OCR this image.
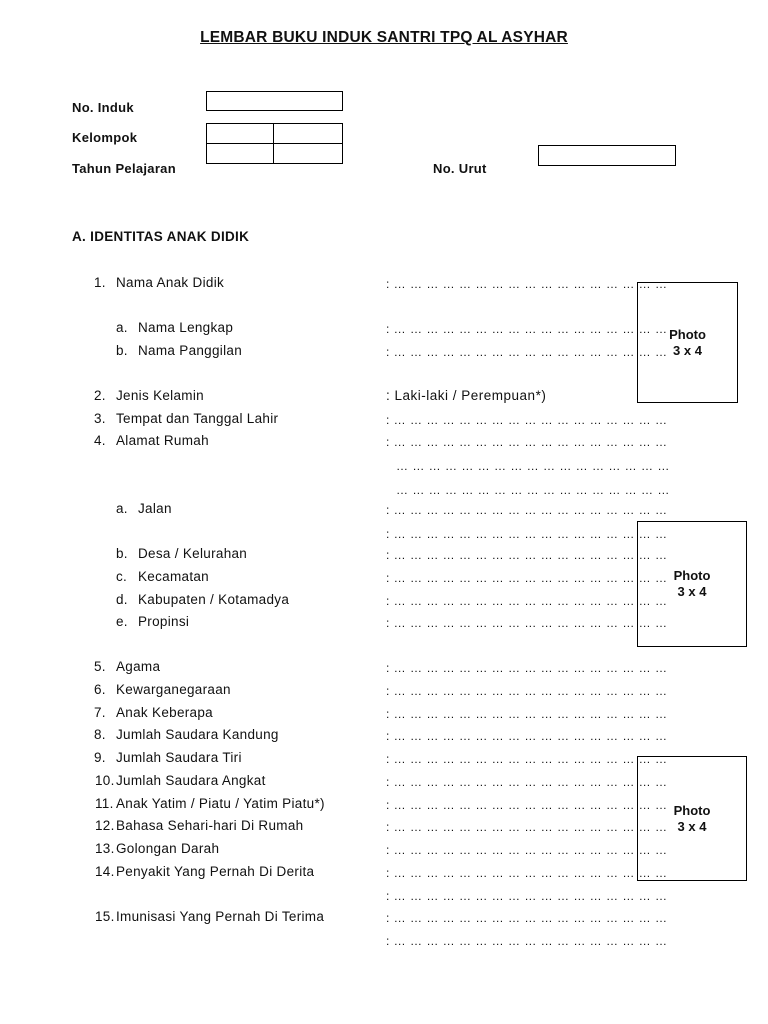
LEMBAR BUKU INDUK SANTRI TPQ AL ASYHAR
No. Induk
Kelompok
Tahun Pelajaran	No. Urut
A. IDENTITAS ANAK DIDIK
1. Nama Anak Didik	: … … … … … … … … … … … … … … … … …
a. Nama Lengkap	: … … … … … … … … … … … … … … … … …
b. Nama Panggilan	: … … … … … … … … … … … … … … … … …
2. Jenis Kelamin	: Laki-laki / Perempuan*)
3. Tempat dan Tanggal Lahir	: … … … … … … … … … … … … … … … … …
4. Alamat Rumah	: … … … … … … … … … … … … … … … … …
… … … … … … … … … … … … … … … … …
… … … … … … … … … … … … … … … … …
a. Jalan	: … … … … … … … … … … … … … … … … …
: … … … … … … … … … … … … … … … … …
b. Desa / Kelurahan	: … … … … … … … … … … … … … … … … …
c. Kecamatan	: … … … … … … … … … … … … … … … … …
d. Kabupaten / Kotamadya	: … … … … … … … … … … … … … … … … …
e. Propinsi	: … … … … … … … … … … … … … … … … …
5. Agama	: … … … … … … … … … … … … … … … … …
6. Kewarganegaraan	: … … … … … … … … … … … … … … … … …
7. Anak Keberapa	: … … … … … … … … … … … … … … … … …
8. Jumlah Saudara Kandung	: … … … … … … … … … … … … … … … … …
9. Jumlah Saudara Tiri	: … … … … … … … … … … … … … … … … …
10. Jumlah Saudara Angkat	: … … … … … … … … … … … … … … … … …
11. Anak Yatim / Piatu / Yatim Piatu*)	: … … … … … … … … … … … … … … … … …
12. Bahasa Sehari-hari Di Rumah	: … … … … … … … … … … … … … … … … …
13. Golongan Darah	: … … … … … … … … … … … … … … … … …
14. Penyakit Yang Pernah Di Derita	: … … … … … … … … … … … … … … … … …
: … … … … … … … … … … … … … … … … …
15. Imunisasi Yang Pernah Di Terima	: … … … … … … … … … … … … … … … … …
: … … … … … … … … … … … … … … … … …
Photo
3 x 4
Photo
3 x 4
Photo
3 x 4
